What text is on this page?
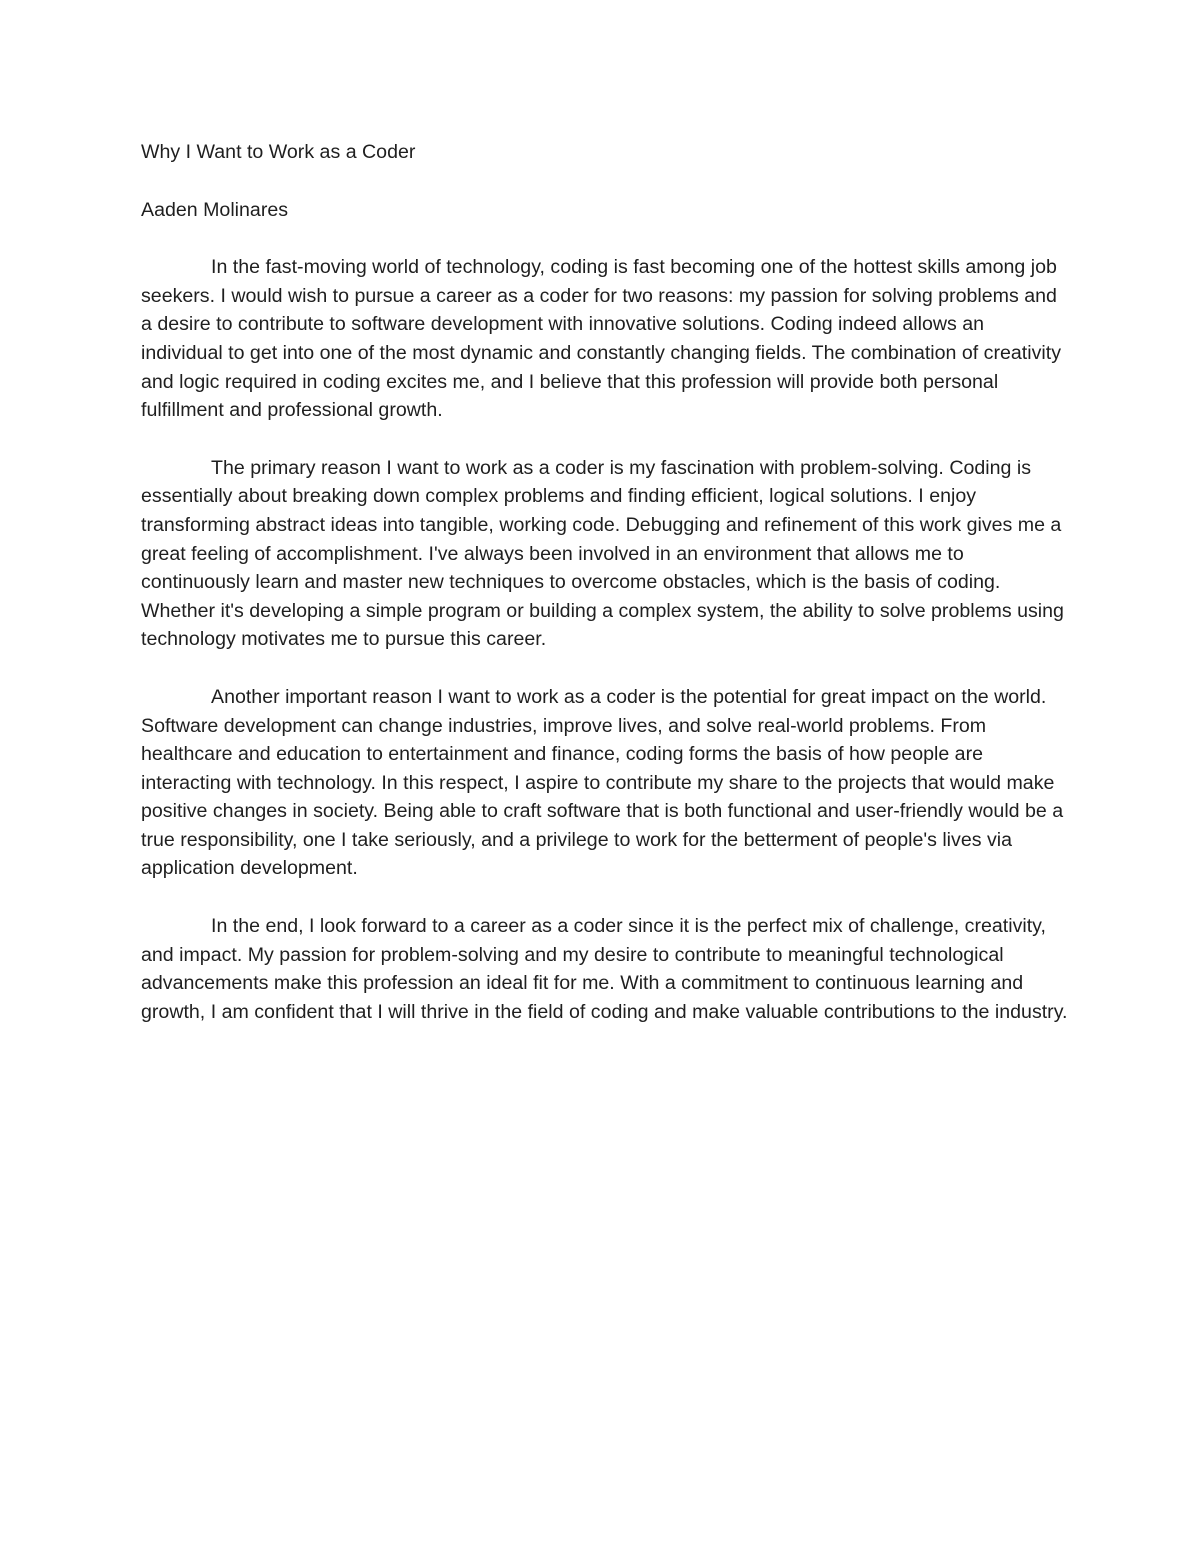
Why I Want to Work as a Coder

Aaden Molinares

In the fast-moving world of technology, coding is fast becoming one of the hottest skills among job seekers. I would wish to pursue a career as a coder for two reasons: my passion for solving problems and a desire to contribute to software development with innovative solutions. Coding indeed allows an individual to get into one of the most dynamic and constantly changing fields. The combination of creativity and logic required in coding excites me, and I believe that this profession will provide both personal fulfillment and professional growth.

The primary reason I want to work as a coder is my fascination with problem-solving. Coding is essentially about breaking down complex problems and finding efficient, logical solutions. I enjoy transforming abstract ideas into tangible, working code. Debugging and refinement of this work gives me a great feeling of accomplishment. I've always been involved in an environment that allows me to continuously learn and master new techniques to overcome obstacles, which is the basis of coding. Whether it's developing a simple program or building a complex system, the ability to solve problems using technology motivates me to pursue this career.

Another important reason I want to work as a coder is the potential for great impact on the world. Software development can change industries, improve lives, and solve real-world problems. From healthcare and education to entertainment and finance, coding forms the basis of how people are interacting with technology. In this respect, I aspire to contribute my share to the projects that would make positive changes in society. Being able to craft software that is both functional and user-friendly would be a true responsibility, one I take seriously, and a privilege to work for the betterment of people's lives via application development.

In the end, I look forward to a career as a coder since it is the perfect mix of challenge, creativity, and impact. My passion for problem-solving and my desire to contribute to meaningful technological advancements make this profession an ideal fit for me. With a commitment to continuous learning and growth, I am confident that I will thrive in the field of coding and make valuable contributions to the industry.
